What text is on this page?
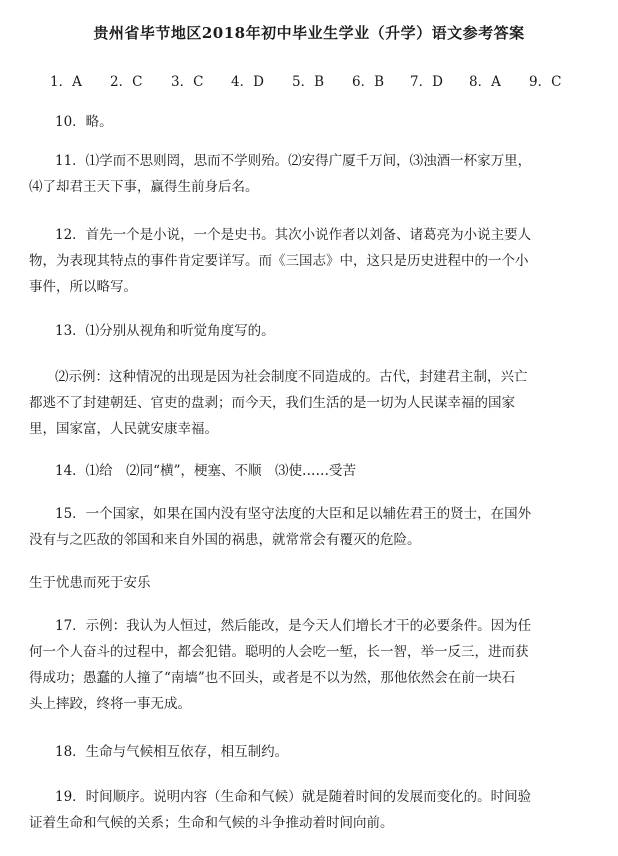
贵州省毕节地区2018年初中毕业生学业（升学）语文参考答案
1．A 2．C 3．C 4．D 5．B 6．B 7．D 8．A 9．C
10．略。
11．⑴学而不思则罔，思而不学则殆。⑵安得广厦千万间，⑶浊酒一杯家万里，
⑷了却君王天下事，赢得生前身后名。
12．首先一个是小说，一个是史书。其次小说作者以刘备、诸葛亮为小说主要人
物，为表现其特点的事件肯定要详写。而《三国志》中，这只是历史进程中的一个小
事件，所以略写。
13．⑴分别从视角和听觉角度写的。
⑵示例：这种情况的出现是因为社会制度不同造成的。古代，封建君主制，兴亡
都逃不了封建朝廷、官吏的盘剥；而今天，我们生活的是一切为人民谋幸福的国家
里，国家富，人民就安康幸福。
14．⑴给　⑵同“横”，梗塞、不顺　⑶使……受苦
15．一个国家，如果在国内没有坚守法度的大臣和足以辅佐君王的贤士，在国外
没有与之匹敌的邻国和来自外国的祸患，就常常会有覆灭的危险。
生于忧患而死于安乐
17．示例：我认为人恒过，然后能改，是今天人们增长才干的必要条件。因为任
何一个人奋斗的过程中，都会犯错。聪明的人会吃一堑，长一智，举一反三，进而获
得成功；愚蠢的人撞了“南墙”也不回头，或者是不以为然，那他依然会在前一块石
头上摔跤，终将一事无成。
18．生命与气候相互依存，相互制约。
19．时间顺序。说明内容（生命和气候）就是随着时间的发展而变化的。时间验
证着生命和气候的关系；生命和气候的斗争推动着时间向前。
